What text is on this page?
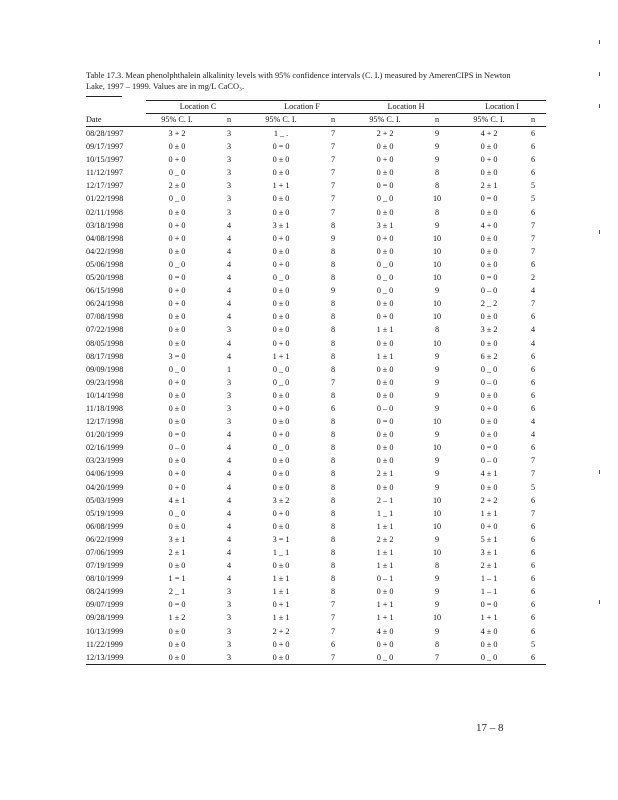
Table 17.3. Mean phenolphthalein alkalinity levels with 95% confidence intervals (C. I.) measured by AmerenCIPS in Newton Lake, 1997 – 1999. Values are in mg/L CaCO₃.
	Location C		Location F		Location H		Location I	
Date	95% C. I.	n	95% C. I.	n	95% C. I.	n	95% C. I.	n
08/28/1997	3 + 2	3	1 _ .	7	2 + 2	9	4 + 2	6
09/17/1997	0 ± 0	3	0 = 0	7	0 ± 0	9	0 ± 0	6
10/15/1997	0 + 0	3	0 ± 0	7	0 + 0	9	0 + 0	6
11/12/1997	0 _ 0	3	0 ± 0	7	0 ± 0	8	0 ± 0	6
12/17/1997	2 ± 0	3	1 + 1	7	0 = 0	8	2 ± 1	5
01/22/1998	0 _ 0	3	0 ± 0	7	0 _ 0	10	0 = 0	5
02/11/1998	0 ± 0	3	0 ± 0	7	0 ± 0	8	0 ± 0	6
03/18/1998	0 + 0	4	3 ± 1	8	3 ± 1	9	4 + 0	7
04/08/1998	0 + 0	4	0 + 0	9	0 + 0	10	0 ± 0	7
04/22/1998	0 ± 0	4	0 ± 0	8	0 ± 0	10	0 ± 0	7
05/06/1998	0 _ 0	4	0 + 0	8	0 _ 0	10	0 ± 0	6
05/20/1998	0 = 0	4	0 _ 0	8	0 _ 0	10	0 = 0	2
06/15/1998	0 + 0	4	0 ± 0	9	0 _ 0	9	0 – 0	4
06/24/1998	0 + 0	4	0 ± 0	8	0 ± 0	10	2 _ 2	7
07/08/1998	0 ± 0	4	0 ± 0	8	0 + 0	10	0 ± 0	6
07/22/1998	0 ± 0	3	0 ± 0	8	1 ± 1	8	3 ± 2	4
08/05/1998	0 ± 0	4	0 + 0	8	0 ± 0	10	0 ± 0	4
08/17/1998	3 = 0	4	1 + 1	8	1 ± 1	9	6 ± 2	6
09/09/1998	0 _ 0	1	0 _ 0	8	0 ± 0	9	0 _ 0	6
09/23/1998	0 + 0	3	0 _ 0	7	0 ± 0	9	0 – 0	6
10/14/1998	0 ± 0	3	0 ± 0	8	0 ± 0	9	0 ± 0	6
11/18/1998	0 ± 0	3	0 + 0	6	0 – 0	9	0 + 0	6
12/17/1998	0 ± 0	3	0 ± 0	8	0 = 0	10	0 ± 0	4
01/20/1999	0 = 0	4	0 + 0	8	0 ± 0	9	0 ± 0	4
02/16/1999	0 – 0	4	0 _ 0	8	0 ± 0	10	0 = 0	6
03/23/1999	0 ± 0	4	0 ± 0	8	0 ± 0	9	0 – 0	7
04/06/1999	0 + 0	4	0 ± 0	8	2 ± 1	9	4 ± 1	7
04/20/1999	0 + 0	4	0 ± 0	8	0 ± 0	9	0 ± 0	5
05/03/1999	4 ± 1	4	3 ± 2	8	2 – 1	10	2 + 2	6
05/19/1999	0 _ 0	4	0 + 0	8	1 _ 1	10	1 ± 1	7
06/08/1999	0 ± 0	4	0 ± 0	8	1 ± 1	10	0 + 0	6
06/22/1999	3 ± 1	4	3 = 1	8	2 ± 2	9	5 ± 1	6
07/06/1999	2 ± 1	4	1 _ 1	8	1 ± 1	10	3 ± 1	6
07/19/1999	0 ± 0	4	0 ± 0	8	1 ± 1	8	2 ± 1	6
08/10/1999	1 = 1	4	1 ± 1	8	0 – 1	9	1 – 1	6
08/24/1999	2 _ 1	3	1 ± 1	8	0 ± 0	9	1 – 1	6
09/07/1999	0 = 0	3	0 + 1	7	1 + 1	9	0 = 0	6
09/28/1999	1 ± 2	3	1 ± 1	7	1 + 1	10	1 + 1	6
10/13/1999	0 ± 0	3	2 + 2	7	4 ± 0	9	4 ± 0	6
11/22/1999	0 ± 0	3	0 + 0	6	0 + 0	8	0 ± 0	5
12/13/1999	0 ± 0	3	0 ± 0	7	0 _ 0	7	0 _ 0	6
17 – 8
